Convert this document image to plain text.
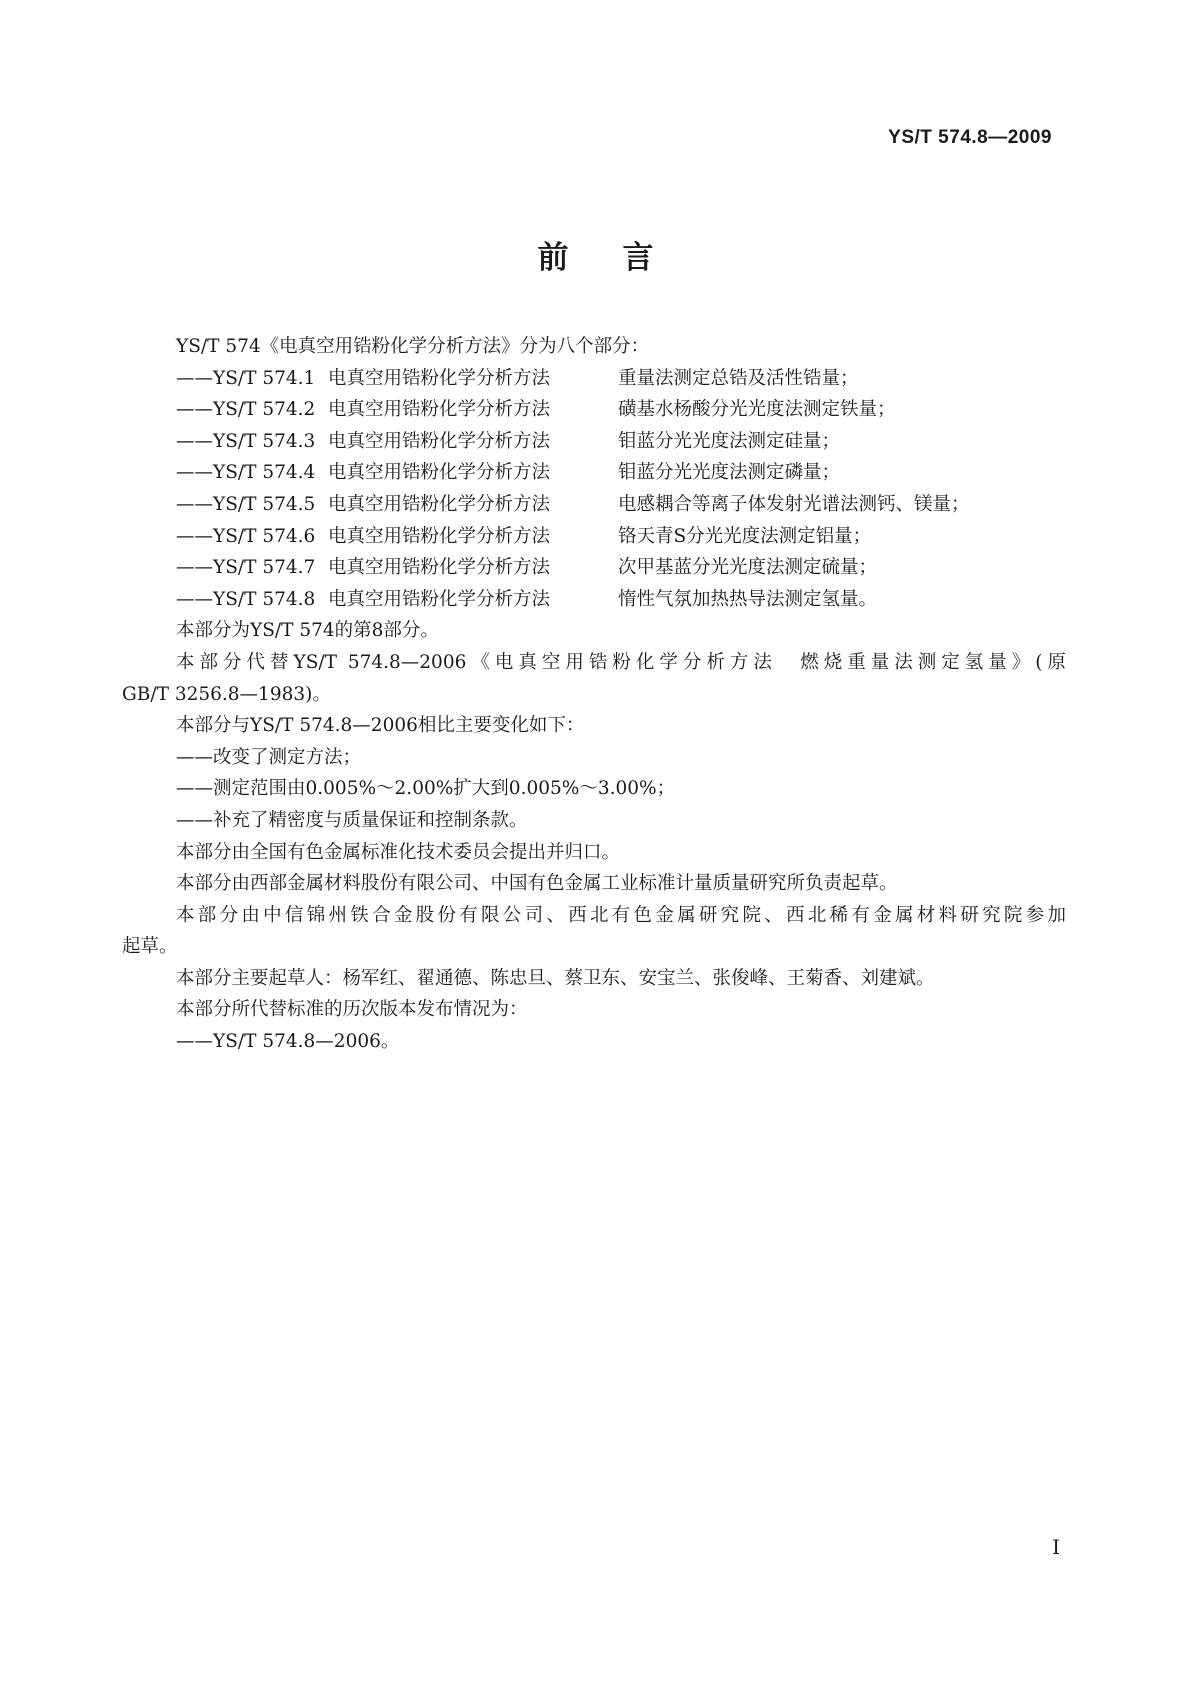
YS/T 574.8—2009
前言

YS/T 574《电真空用锆粉化学分析方法》分为八个部分：

——YS/T 574.1 电真空用锆粉化学分析方法	重量法测定总锆及活性锆量；

——YS/T 574.2 电真空用锆粉化学分析方法	磺基水杨酸分光光度法测定铁量；

——YS/T 574.3 电真空用锆粉化学分析方法	钼蓝分光光度法测定硅量；

——YS/T 574.4 电真空用锆粉化学分析方法	钼蓝分光光度法测定磷量；

——YS/T 574.5 电真空用锆粉化学分析方法	电感耦合等离子体发射光谱法测钙、镁量；

——YS/T 574.6 电真空用锆粉化学分析方法	铬天青S分光光度法测定铝量；

——YS/T 574.7 电真空用锆粉化学分析方法	次甲基蓝分光光度法测定硫量；

——YS/T 574.8 电真空用锆粉化学分析方法	惰性气氛加热热导法测定氢量。

本部分为YS/T 574的第8部分。

本部分代替YS/T 574.8—2006《电真空用锆粉化学分析方法　燃烧重量法测定氢量》(原

GB/T 3256.8—1983)。

本部分与YS/T 574.8—2006相比主要变化如下：

——改变了测定方法；

——测定范围由0.005%～2.00%扩大到0.005%～3.00%；

——补充了精密度与质量保证和控制条款。

本部分由全国有色金属标准化技术委员会提出并归口。

本部分由西部金属材料股份有限公司、中国有色金属工业标准计量质量研究所负责起草。

本部分由中信锦州铁合金股份有限公司、西北有色金属研究院、西北稀有金属材料研究院参加

起草。

本部分主要起草人：杨军红、翟通德、陈忠旦、蔡卫东、安宝兰、张俊峰、王菊香、刘建斌。

本部分所代替标准的历次版本发布情况为：

——YS/T 574.8—2006。

I
